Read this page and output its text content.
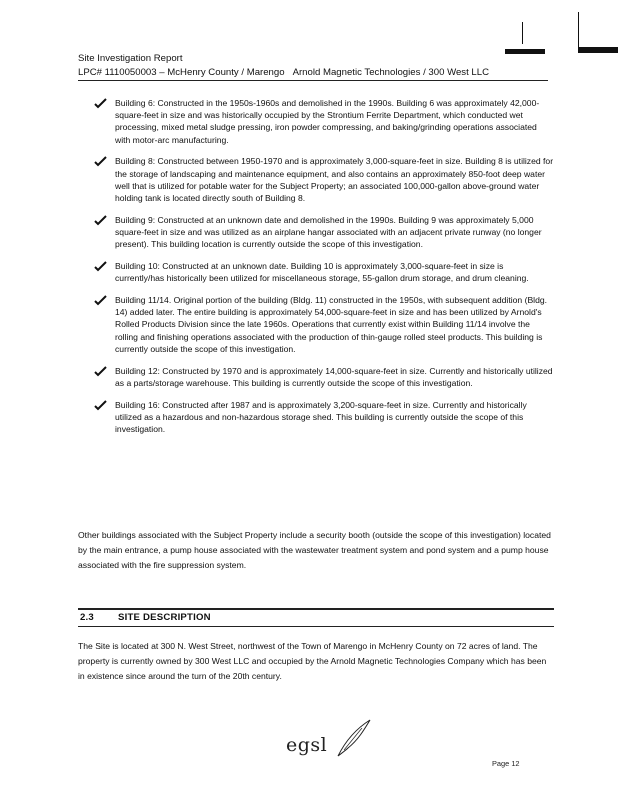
Site Investigation Report
LPC# 1110050003 – McHenry County / Marengo Arnold Magnetic Technologies / 300 West LLC
Building 6: Constructed in the 1950s-1960s and demolished in the 1990s. Building 6 was approximately 42,000-square-feet in size and was historically occupied by the Strontium Ferrite Department, which conducted wet processing, mixed metal sludge pressing, iron powder compressing, and baking/grinding operations associated with motor-arc manufacturing.
Building 8: Constructed between 1950-1970 and is approximately 3,000-square-feet in size. Building 8 is utilized for the storage of landscaping and maintenance equipment, and also contains an approximately 850-foot deep water well that is utilized for potable water for the Subject Property; an associated 100,000-gallon above-ground water holding tank is located directly south of Building 8.
Building 9: Constructed at an unknown date and demolished in the 1990s. Building 9 was approximately 5,000 square-feet in size and was utilized as an airplane hangar associated with an adjacent private runway (no longer present). This building location is currently outside the scope of this investigation.
Building 10: Constructed at an unknown date. Building 10 is approximately 3,000-square-feet in size is currently/has historically been utilized for miscellaneous storage, 55-gallon drum storage, and drum cleaning.
Building 11/14. Original portion of the building (Bldg. 11) constructed in the 1950s, with subsequent addition (Bldg. 14) added later. The entire building is approximately 54,000-square-feet in size and has been utilized by Arnold's Rolled Products Division since the late 1960s. Operations that currently exist within Building 11/14 involve the rolling and finishing operations associated with the production of thin-gauge rolled steel products. This building is currently outside the scope of this investigation.
Building 12: Constructed by 1970 and is approximately 14,000-square-feet in size. Currently and historically utilized as a parts/storage warehouse. This building is currently outside the scope of this investigation.
Building 16: Constructed after 1987 and is approximately 3,200-square-feet in size. Currently and historically utilized as a hazardous and non-hazardous storage shed. This building is currently outside the scope of this investigation.
Other buildings associated with the Subject Property include a security booth (outside the scope of this investigation) located by the main entrance, a pump house associated with the wastewater treatment system and pond system and a pump house associated with the fire suppression system.
2.3	SITE DESCRIPTION
The Site is located at 300 N. West Street, northwest of the Town of Marengo in McHenry County on 72 acres of land. The property is currently owned by 300 West LLC and occupied by the Arnold Magnetic Technologies Company which has been in existence since around the turn of the 20th century.
egsl
Page 12
